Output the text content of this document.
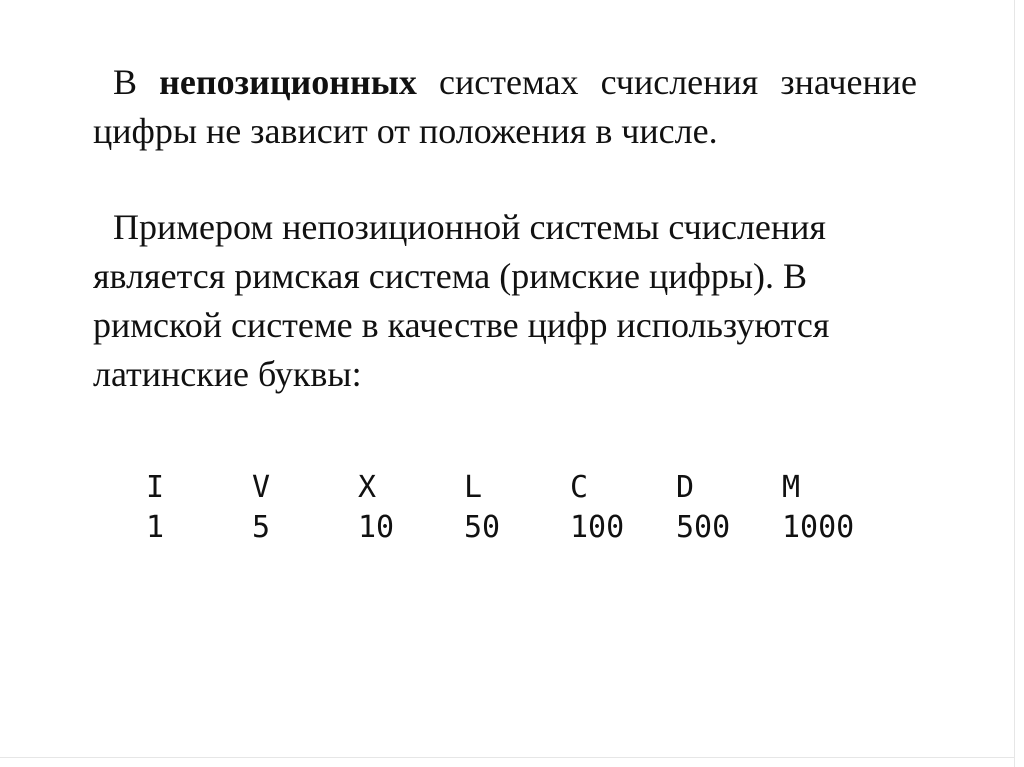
В непозиционных системах счисления значение цифры не зависит от положения в числе.

Примером непозиционной системы счисления является римская система (римские цифры). В римской системе в качестве цифр используются латинские буквы:

I	V	X	L	C	D	M
1	5	10 50 100 500 1000
